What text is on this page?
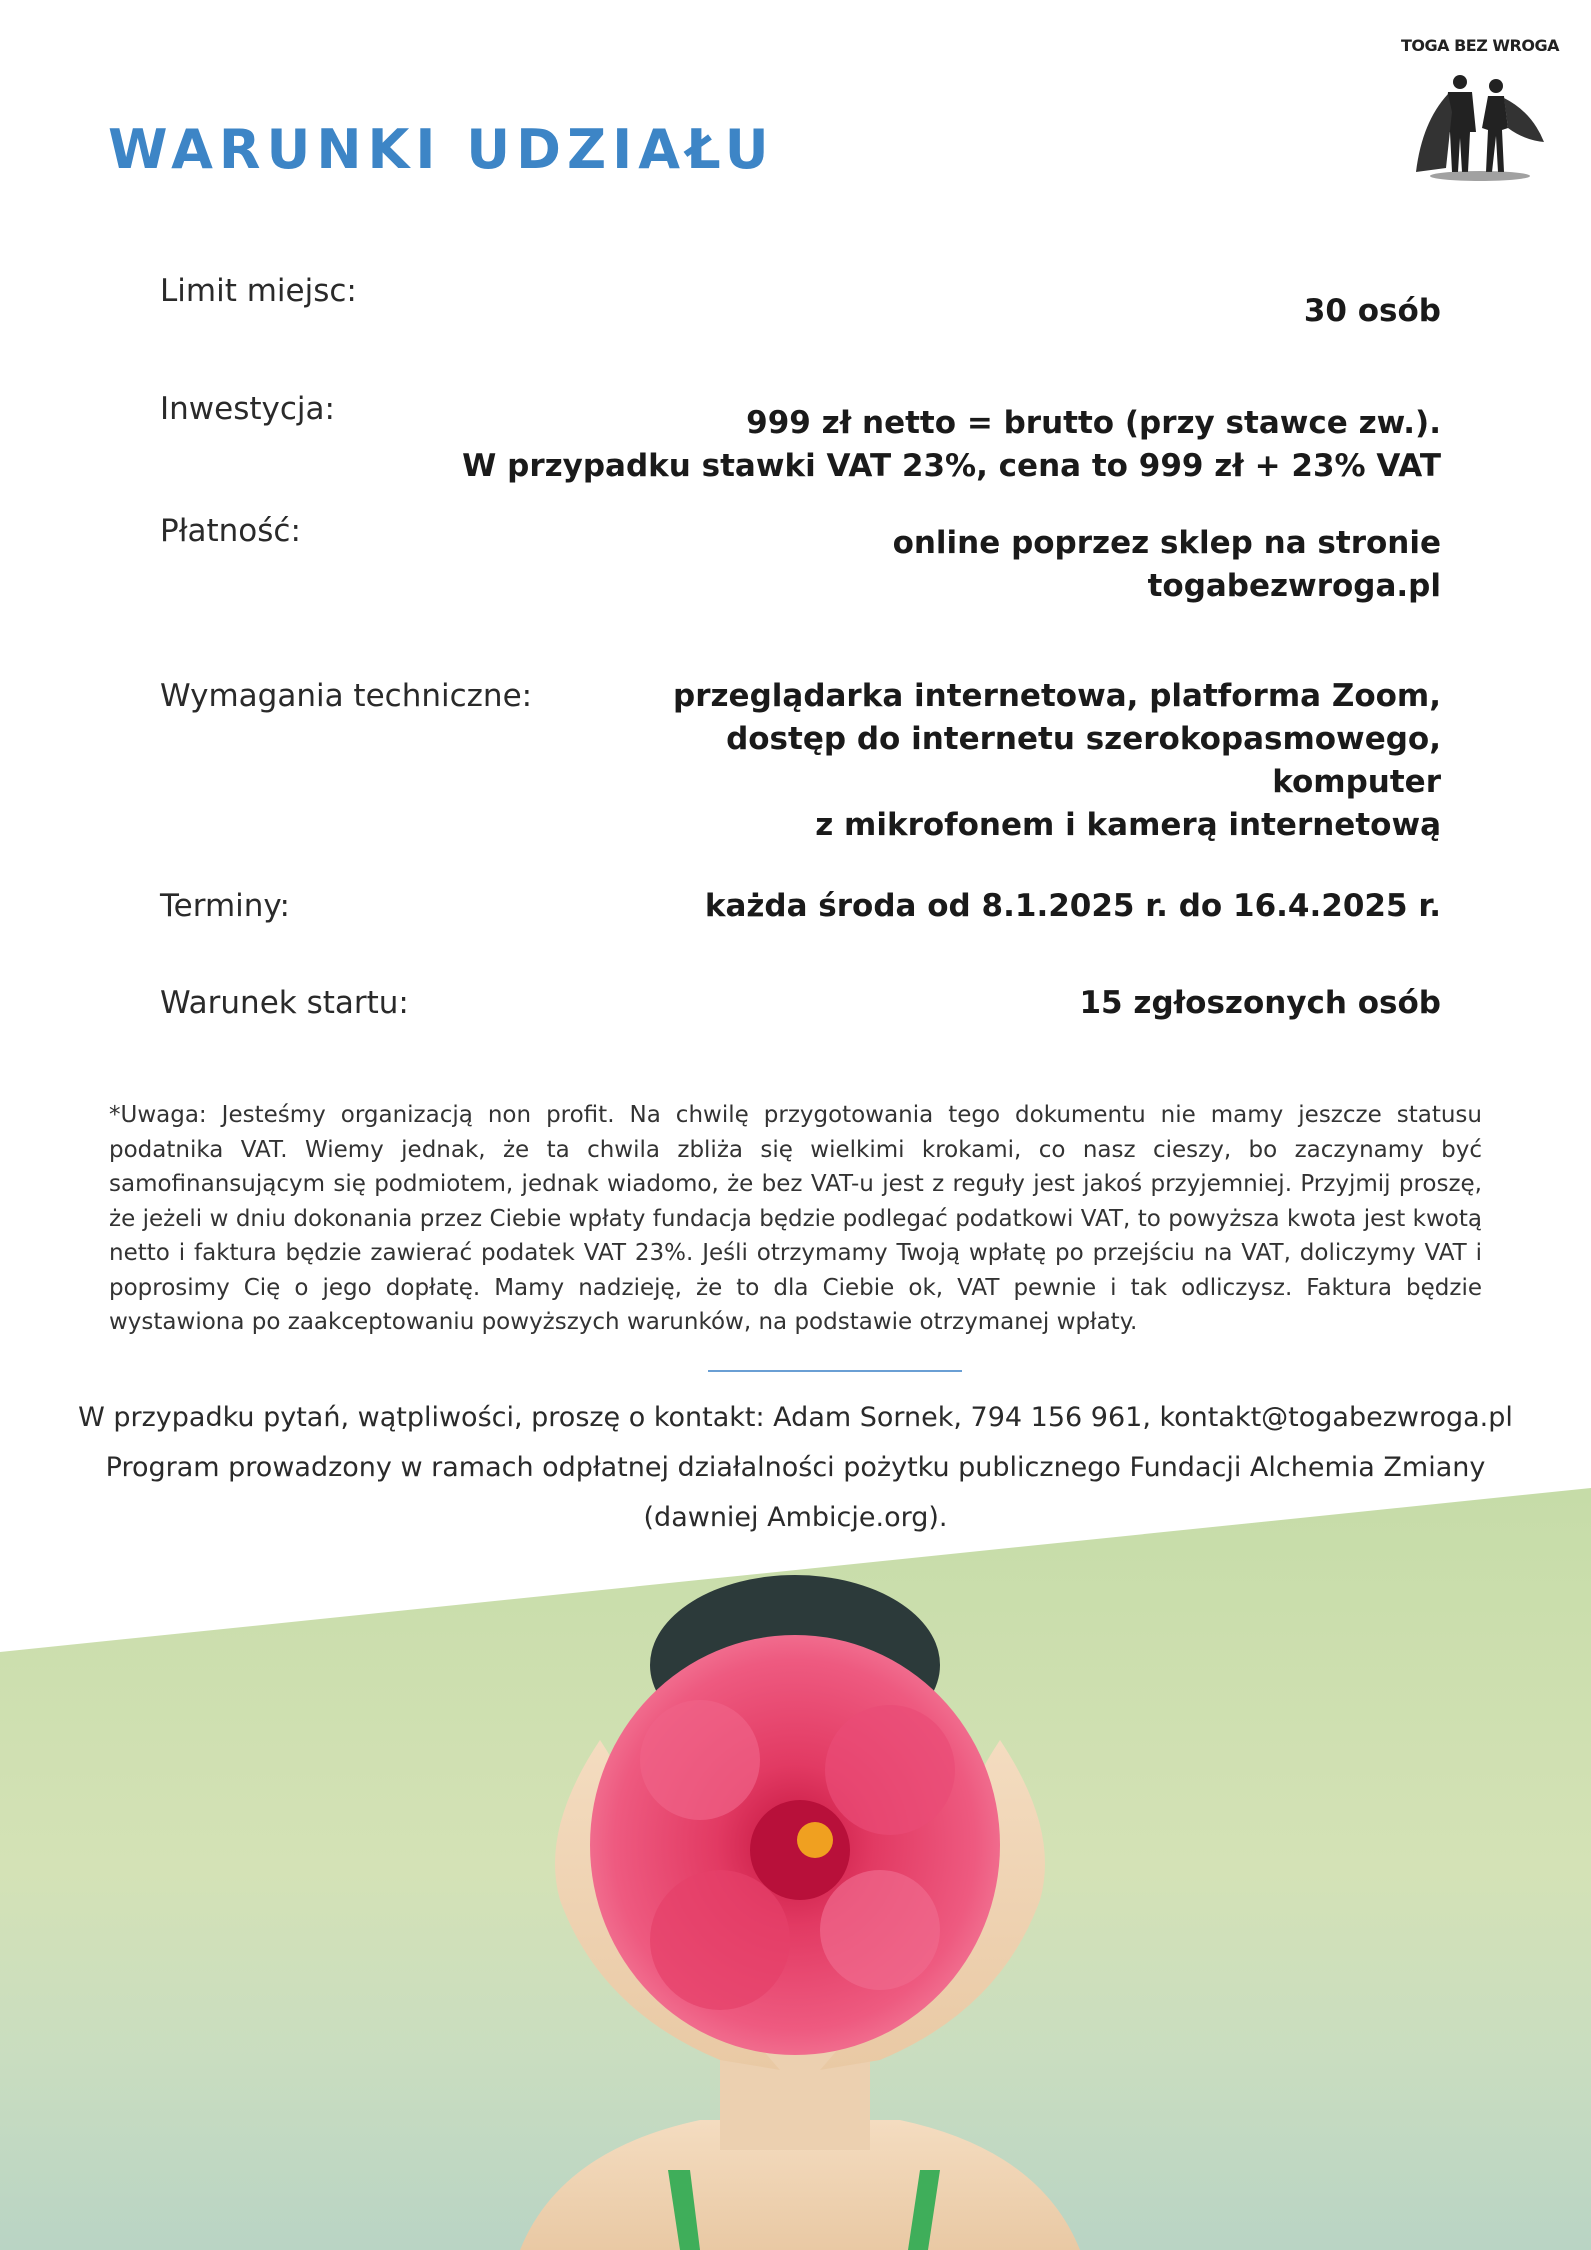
WARUNKI UDZIAŁU
TOGA BEZ WROGA
Limit miejsc:
30 osób
Inwestycja:	999 zł netto = brutto (przy stawce zw.).
W przypadku stawki VAT 23%, cena to 999 zł + 23% VAT
Płatność:	online poprzez sklep na stronie
togabezwroga.pl
Wymagania techniczne:	przeglądarka internetowa, platforma Zoom,
dostęp do internetu szerokopasmowego,
komputer
z mikrofonem i kamerą internetową
Terminy:	każda środa od 8.1.2025 r. do 16.4.2025 r.
Warunek startu:	15 zgłoszonych osób

*Uwaga: Jesteśmy organizacją non profit. Na chwilę przygotowania tego dokumentu nie mamy jeszcze statusu podatnika VAT. Wiemy jednak, że ta chwila zbliża się wielkimi krokami, co nasz cieszy, bo zaczynamy być samofinansującym się podmiotem, jednak wiadomo, że bez VAT-u jest z reguły jest jakoś przyjemniej. Przyjmij proszę, że jeżeli w dniu dokonania przez Ciebie wpłaty fundacja będzie podlegać podatkowi VAT, to powyższa kwota jest kwotą netto i faktura będzie zawierać podatek VAT 23%. Jeśli otrzymamy Twoją wpłatę po przejściu na VAT, doliczymy VAT i poprosimy Cię o jego dopłatę. Mamy nadzieję, że to dla Ciebie ok, VAT pewnie i tak odliczysz. Faktura będzie wystawiona po zaakceptowaniu powyższych warunków, na podstawie otrzymanej wpłaty.

W przypadku pytań, wątpliwości, proszę o kontakt: Adam Sornek, 794 156 961, kontakt@togabezwroga.pl
Program prowadzony w ramach odpłatnej działalności pożytku publicznego Fundacji Alchemia Zmiany
(dawniej Ambicje.org).
